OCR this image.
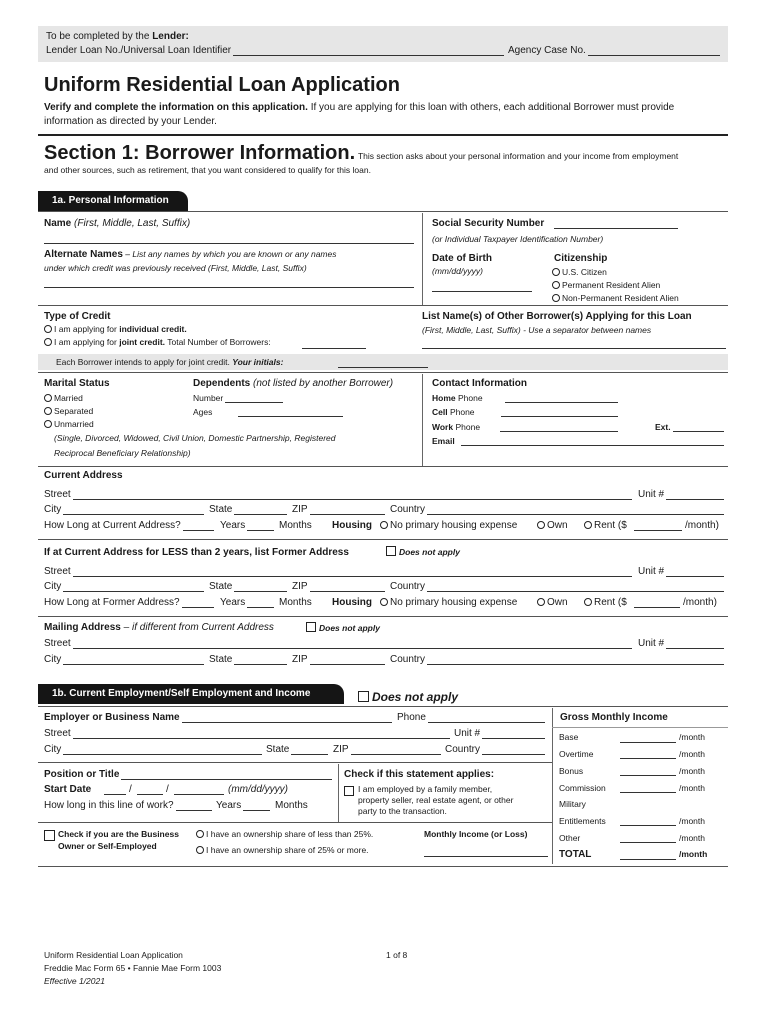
To be completed by the Lender:
Lender Loan No./Universal Loan Identifier	Agency Case No.
Uniform Residential Loan Application
Verify and complete the information on this application. If you are applying for this loan with others, each additional Borrower must provide
information as directed by your Lender.
Section 1: Borrower Information. This section asks about your personal information and your income from employment
and other sources, such as retirement, that you want considered to qualify for this loan.
1a. Personal Information
Name (First, Middle, Last, Suffix)
Alternate Names – List any names by which you are known or any names
under which credit was previously received (First, Middle, Last, Suffix)
Social Security Number
(or Individual Taxpayer Identification Number)
Date of Birth
(mm/dd/yyyy)
Citizenship
U.S. Citizen
Permanent Resident Alien
Non-Permanent Resident Alien
Type of Credit
I am applying for individual credit.
I am applying for joint credit. Total Number of Borrowers:
List Name(s) of Other Borrower(s) Applying for this Loan
(First, Middle, Last, Suffix) - Use a separator between names
Each Borrower intends to apply for joint credit. Your initials:
Marital Status
Married
Separated
Unmarried
(Single, Divorced, Widowed, Civil Union, Domestic Partnership, Registered
Reciprocal Beneficiary Relationship)
Dependents (not listed by another Borrower)
Number
Ages
Contact Information
Home Phone
Cell Phone
Work Phone	Ext.
Email
Current Address
Street	Unit #
City	State	ZIP	Country
How Long at Current Address?	Years	Months Housing	No primary housing expense	Own	Rent ($	/month)
If at Current Address for LESS than 2 years, list Former Address	Does not apply
Street	Unit #
City	State	ZIP	Country
How Long at Former Address?	Years	Months Housing	No primary housing expense	Own	Rent ($	/month)
Mailing Address – if different from Current Address	Does not apply
Street	Unit #
City	State	ZIP	Country
1b. Current Employment/Self Employment and Income	Does not apply
Employer or Business Name	Phone
Street	Unit #
City	State	ZIP	Country
Position or Title
Start Date	/	/	(mm/dd/yyyy)
How long in this line of work?	Years	Months
Check if this statement applies:
I am employed by a family member,
property seller, real estate agent, or other
party to the transaction.
Check if you are the Business
Owner or Self-Employed
I have an ownership share of less than 25%.
I have an ownership share of 25% or more.
Monthly Income (or Loss)
Gross Monthly Income
Base	/month
Overtime	/month
Bonus	/month
Commission	/month
Military
Entitlements	/month
Other	/month
TOTAL	/month
Uniform Residential Loan Application
Freddie Mac Form 65 • Fannie Mae Form 1003
Effective 1/2021
1 of 8
